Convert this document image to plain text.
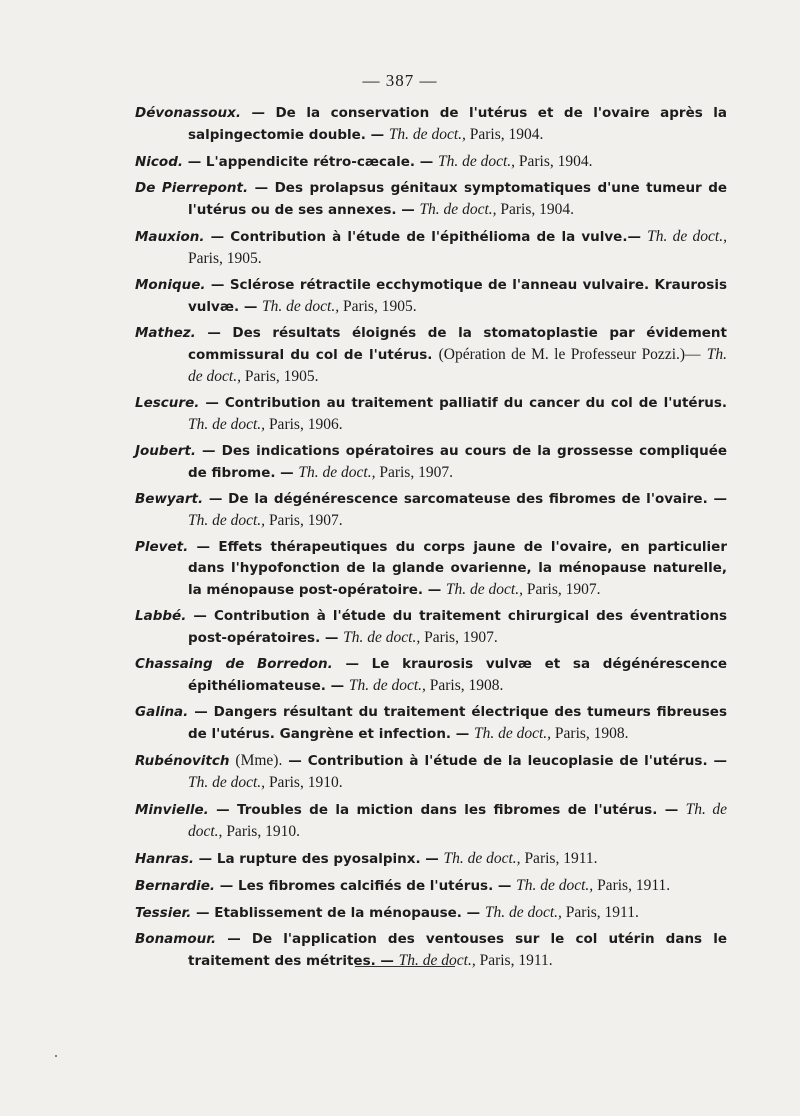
— 387 —
Dévonassoux. — De la conservation de l'utérus et de l'ovaire après la salpingectomie double. — Th. de doct., Paris, 1904.
Nicod. — L'appendicite rétro-cæcale. — Th. de doct., Paris, 1904.
De Pierrepont. — Des prolapsus génitaux symptomatiques d'une tumeur de l'utérus ou de ses annexes. — Th. de doct., Paris, 1904.
Mauxion. — Contribution à l'étude de l'épithélioma de la vulve.— Th. de doct., Paris, 1905.
Monique. — Sclérose rétractile ecchymotique de l'anneau vulvaire. Kraurosis vulvæ. — Th. de doct., Paris, 1905.
Mathez. — Des résultats éloignés de la stomatoplastie par évidement commissural du col de l'utérus. (Opération de M. le Professeur Pozzi.)— Th. de doct., Paris, 1905.
Lescure. — Contribution au traitement palliatif du cancer du col de l'utérus. Th. de doct., Paris, 1906.
Joubert. — Des indications opératoires au cours de la grossesse compliquée de fibrome. — Th. de doct., Paris, 1907.
Bewyart. — De la dégénérescence sarcomateuse des fibromes de l'ovaire. — Th. de doct., Paris, 1907.
Plevet. — Effets thérapeutiques du corps jaune de l'ovaire, en particulier dans l'hypofonction de la glande ovarienne, la ménopause naturelle, la ménopause post-opératoire. — Th. de doct., Paris, 1907.
Labbé. — Contribution à l'étude du traitement chirurgical des éventrations post-opératoires. — Th. de doct., Paris, 1907.
Chassaing de Borredon. — Le kraurosis vulvæ et sa dégénérescence épithéliomateuse. — Th. de doct., Paris, 1908.
Galina. — Dangers résultant du traitement électrique des tumeurs fibreuses de l'utérus. Gangrène et infection. — Th. de doct., Paris, 1908.
Rubénovitch (Mme). — Contribution à l'étude de la leucoplasie de l'utérus. — Th. de doct., Paris, 1910.
Minvielle. — Troubles de la miction dans les fibromes de l'utérus. — Th. de doct., Paris, 1910.
Hanras. — La rupture des pyosalpinx. — Th. de doct., Paris, 1911.
Bernardie. — Les fibromes calcifiés de l'utérus. — Th. de doct., Paris, 1911.
Tessier. — Etablissement de la ménopause. — Th. de doct., Paris, 1911.
Bonamour. — De l'application des ventouses sur le col utérin dans le traitement des métrites. — Th. de doct., Paris, 1911.
